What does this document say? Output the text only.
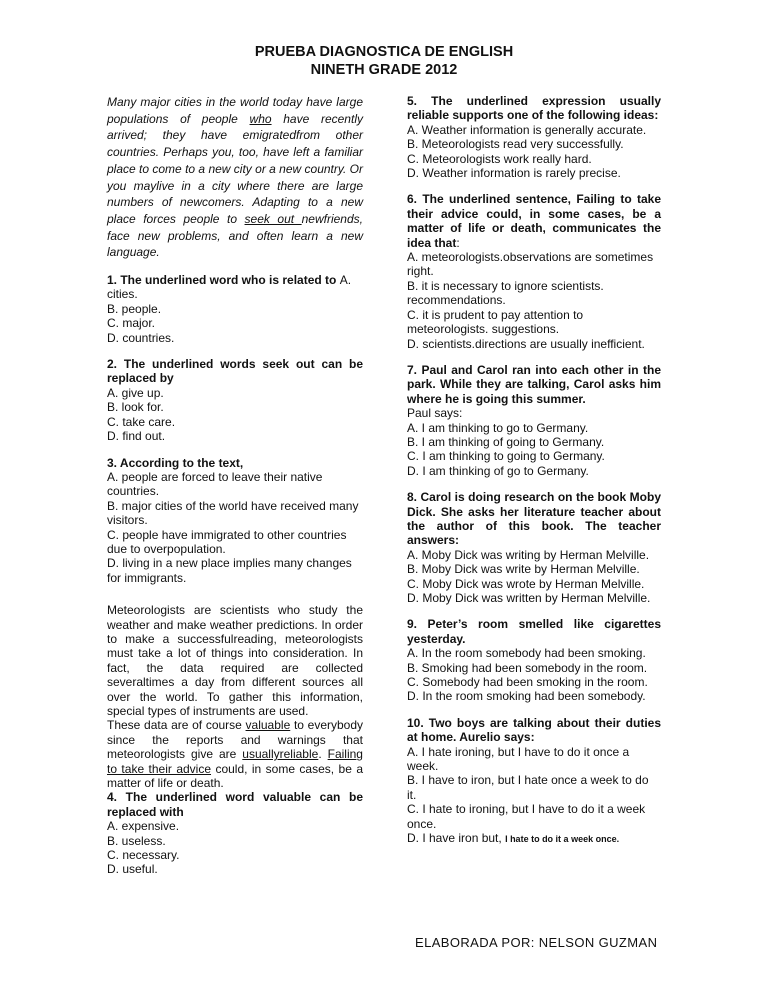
PRUEBA DIAGNOSTICA DE ENGLISH
NINETH GRADE 2012

Many major cities in the world today have large populations of people who have recently arrived; they have emigratedfrom other countries. Perhaps you, too, have left a familiar place to come to a new city or a new country. Or you maylive in a city where there are large numbers of newcomers. Adapting to a new place forces people to seek out newfriends, face new problems, and often learn a new language.

1. The underlined word who is related to A. cities.
B. people.
C. major.
D. countries.
2. The underlined words seek out can be replaced by
A. give up.
B. look for.
C. take care.
D. find out.
3. According to the text,
A. people are forced to leave their native countries.
B. major cities of the world have received many visitors.
C. people have immigrated to other countries due to overpopulation.
D. living in a new place implies many changes for immigrants.

Meteorologists are scientists who study the weather and make weather predictions. In order to make a successfulreading, meteorologists must take a lot of things into consideration. In fact, the data required are collected severaltimes a day from different sources all over the world. To gather this information, special types of instruments are used.

These data are of course valuable to everybody since the reports and warnings that meteorologists give are usuallyreliable. Failing to take their advice could, in some cases, be a matter of life or death.

4. The underlined word valuable can be replaced with
A. expensive.
B. useless.
C. necessary.
D. useful.
5. The underlined expression usually reliable supports one of the following ideas:
A. Weather information is generally accurate.
B. Meteorologists read very successfully.
C. Meteorologists work really hard.
D. Weather information is rarely precise.
6. The underlined sentence, Failing to take their advice could, in some cases, be a matter of life or death, communicates the idea that:
A. meteorologists.observations are sometimes right.
B. it is necessary to ignore scientists. recommendations.
C. it is prudent to pay attention to meteorologists. suggestions.
D. scientists.directions are usually inefficient.
7. Paul and Carol ran into each other in the park. While they are talking, Carol asks him where he is going this summer.
Paul says:
A. I am thinking to go to Germany.
B. I am thinking of going to Germany.
C. I am thinking to going to Germany.
D. I am thinking of go to Germany.
8. Carol is doing research on the book Moby Dick. She asks her literature teacher about the author of this book. The teacher answers:
A. Moby Dick was writing by Herman Melville.
B. Moby Dick was write by Herman Melville.
C. Moby Dick was wrote by Herman Melville.
D. Moby Dick was written by Herman Melville.
9. Peter’s room smelled like cigarettes yesterday.
A. In the room somebody had been smoking.
B. Smoking had been somebody in the room.
C. Somebody had been smoking in the room.
D. In the room smoking had been somebody.
10. Two boys are talking about their duties at home. Aurelio says:
A. I hate ironing, but I have to do it once a week.
B. I have to iron, but I hate once a week to do it.
C. I hate to ironing, but I have to do it a week once.
D. I have iron but, I hate to do it a week once.
ELABORADA POR: NELSON GUZMAN
